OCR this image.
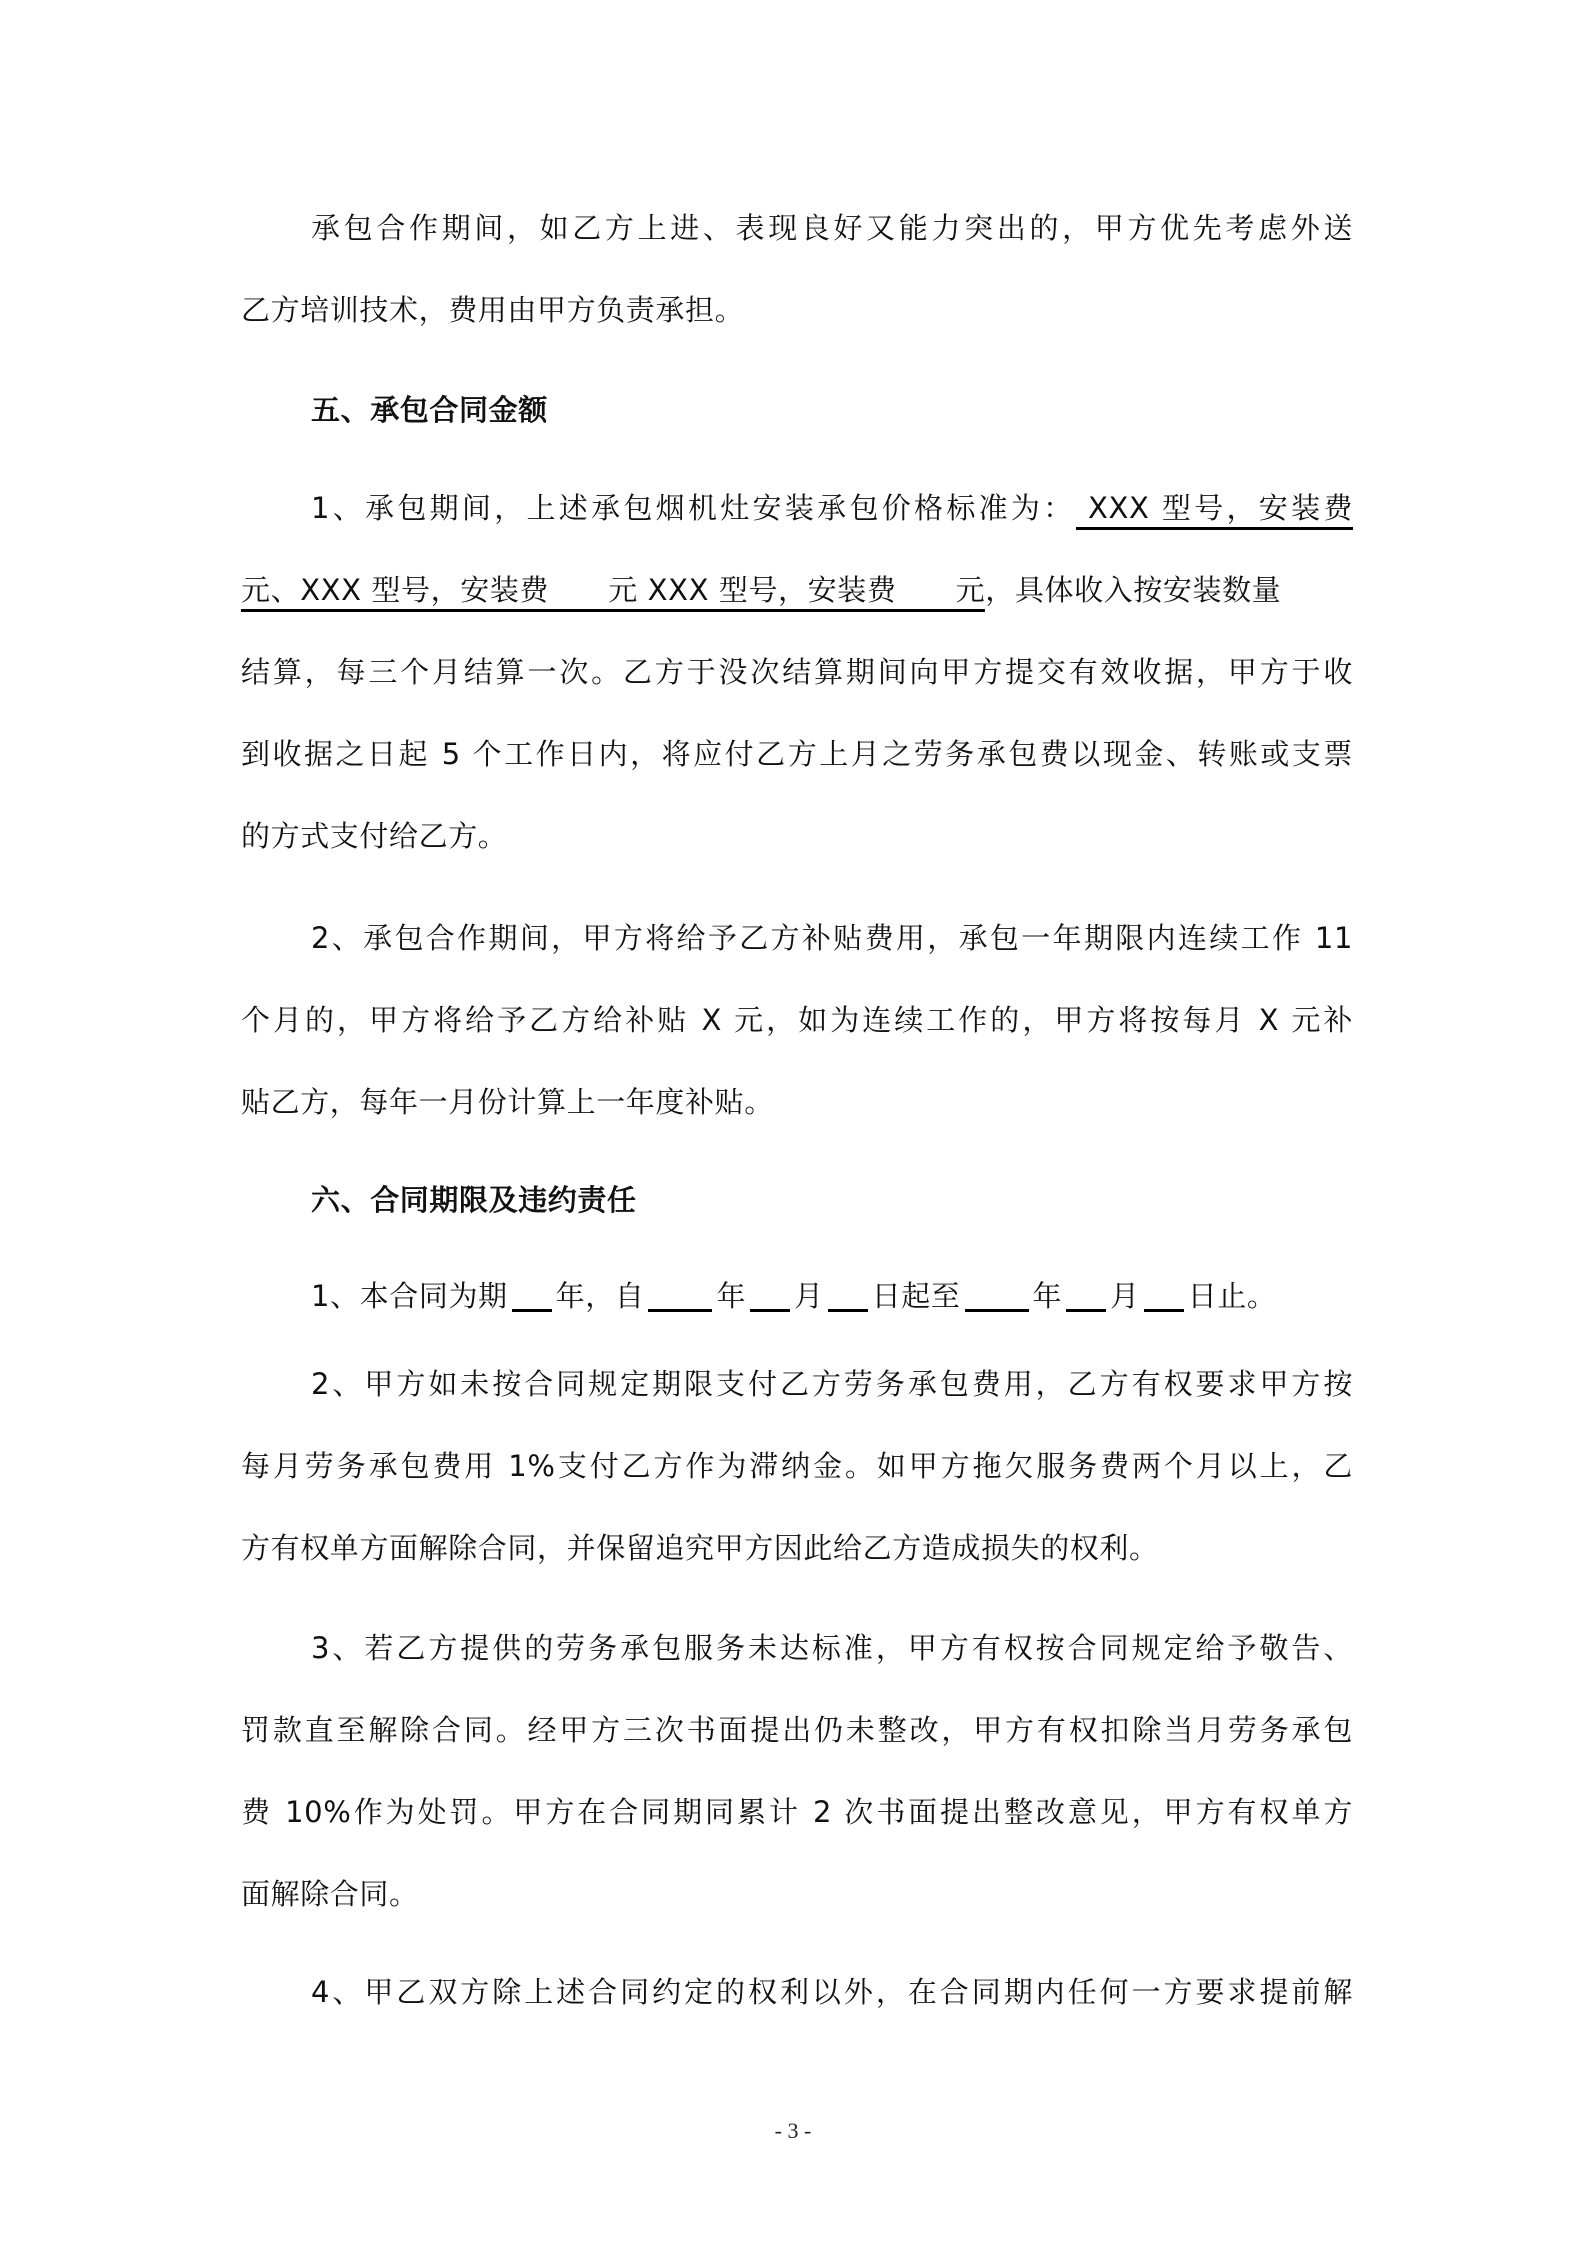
承包合作期间，如乙方上进、表现良好又能力突出的，甲方优先考虑外送
乙方培训技术，费用由甲方负责承担。
五、承包合同金额
1、承包期间，上述承包烟机灶安装承包价格标准为： XXX 型号，安装费
元、XXX 型号，安装费　　元 XXX 型号，安装费　　元，具体收入按安装数量
结算，每三个月结算一次。乙方于没次结算期间向甲方提交有效收据，甲方于收
到收据之日起 5 个工作日内，将应付乙方上月之劳务承包费以现金、转账或支票
的方式支付给乙方。
2、承包合作期间，甲方将给予乙方补贴费用，承包一年期限内连续工作 11
个月的，甲方将给予乙方给补贴 X 元，如为连续工作的，甲方将按每月 X 元补
贴乙方，每年一月份计算上一年度补贴。
六、合同期限及违约责任
1、本合同为期 年，自 年 月 日起至 年 月 日止。
2、甲方如未按合同规定期限支付乙方劳务承包费用，乙方有权要求甲方按
每月劳务承包费用 1%支付乙方作为滞纳金。如甲方拖欠服务费两个月以上，乙
方有权单方面解除合同，并保留追究甲方因此给乙方造成损失的权利。
3、若乙方提供的劳务承包服务未达标准，甲方有权按合同规定给予敬告、
罚款直至解除合同。经甲方三次书面提出仍未整改，甲方有权扣除当月劳务承包
费 10%作为处罚。甲方在合同期同累计 2 次书面提出整改意见，甲方有权单方
面解除合同。
4、甲乙双方除上述合同约定的权利以外，在合同期内任何一方要求提前解
- 3 -
